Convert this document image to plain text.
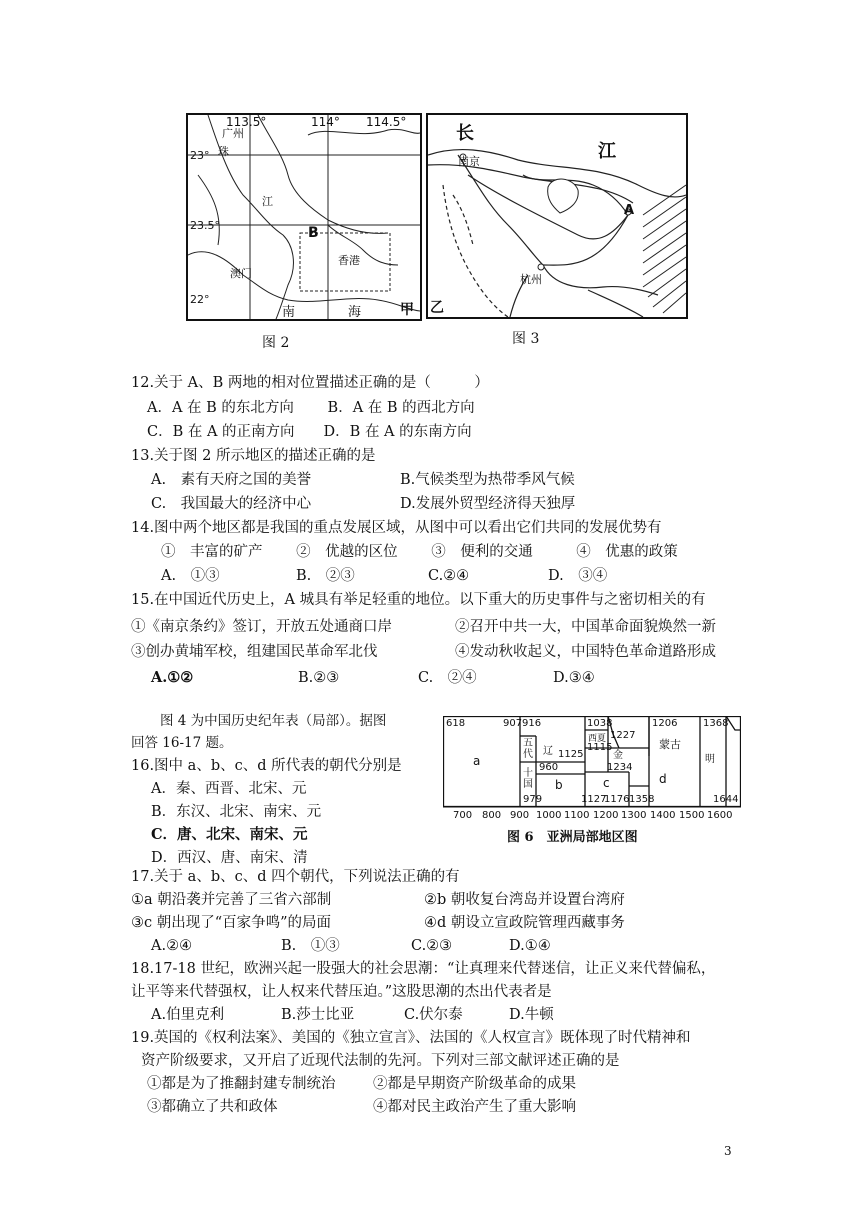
113.5°	114° 114.5°
23°
23.5°
22°
广州
珠
江
澳门
香港
B
南	海	甲
图 2
长
江
南京
A
杭州
乙
图 3
12.关于 A、B 两地的相对位置描述正确的是（　　　）
A．A 在 B 的东北方向　　 B．A 在 B 的西北方向
C．B 在 A 的正南方向　　D．B 在 A 的东南方向
13.关于图 2 所示地区的描述正确的是
A.　素有天府之国的美誉	B.气候类型为热带季风气候
C.　我国最大的经济中心	D.发展外贸型经济得天独厚
14.图中两个地区都是我国的重点发展区域，从图中可以看出它们共同的发展优势有
①　丰富的矿产　　 ②　优越的区位　　 ③　便利的交通　　　④　优惠的政策
A.　①③	B.　②③	C.②④	D.　③④
15.在中国近代历史上，A 城具有举足轻重的地位。以下重大的历史事件与之密切相关的有
①《南京条约》签订，开放五处通商口岸	②召开中共一大，中国革命面貌焕然一新
③创办黄埔军校，组建国民革命军北伐	④发动秋收起义，中国特色革命道路形成
A.①②	B.②③	C.　②④	D.③④
图 4 为中国历史纪年表（局部）。据图
回答 16-17 题。
16.图中 a、b、c、d 所代表的朝代分别是
A．秦、西晋、北宋、元
B．东汉、北宋、南宋、元
C．唐、北宋、南宋、元
D．西汉、唐、南宋、清
618	907 916	1038	1206	1368
a
五代
十国
辽
960
1125
西夏 1227
1115
金
1234
b	c
蒙古
d
明
979	1127
1176 1358	1644
700 800 900 1000 1100 1200 1300 1400 1500 1600
图 6　亚洲局部地区图
17.关于 a、b、c、d 四个朝代，下列说法正确的有
①a 朝沿袭并完善了三省六部制	②b 朝收复台湾岛并设置台湾府
③c 朝出现了“百家争鸣”的局面	④d 朝设立宣政院管理西藏事务
A.②④	B.　①③	C.②③	D.①④
18.17-18 世纪，欧洲兴起一股强大的社会思潮：“让真理来代替迷信，让正义来代替偏私，
让平等来代替强权，让人权来代替压迫。”这股思潮的杰出代表者是
A.伯里克利	B.莎士比亚	C.伏尔泰	D.牛顿
19.英国的《权利法案》、美国的《独立宣言》、法国的《人权宣言》既体现了时代精神和
资产阶级要求，又开启了近现代法制的先河。下列对三部文献评述正确的是
①都是为了推翻封建专制统治	②都是早期资产阶级革命的成果
③都确立了共和政体	④都对民主政治产生了重大影响
3
